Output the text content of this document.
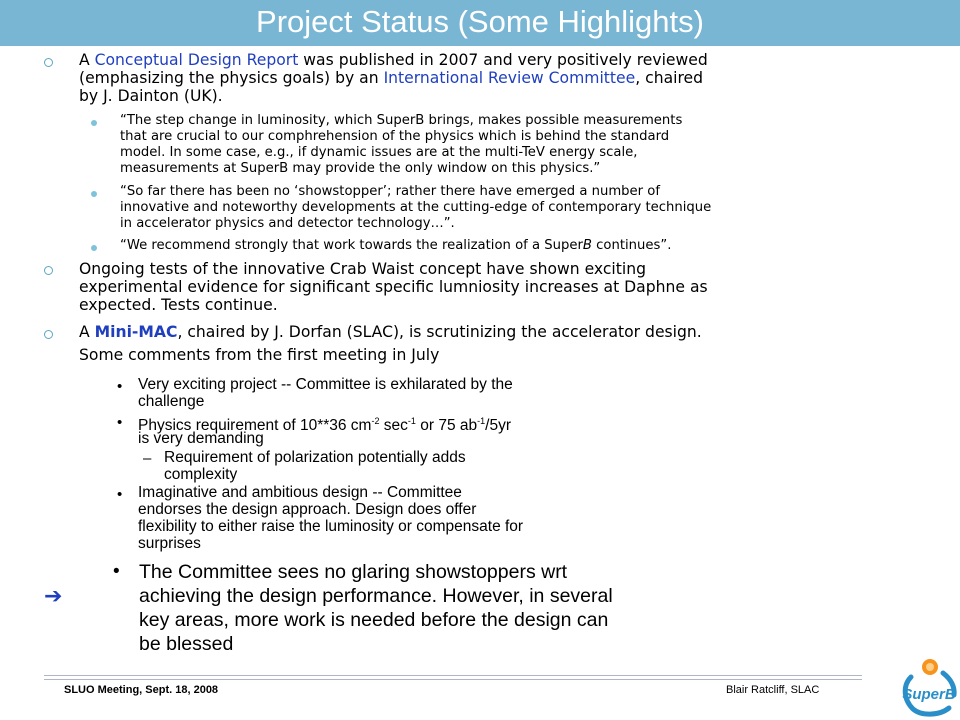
Project Status (Some Highlights)

A Conceptual Design Report was published in 2007 and very positively reviewed

(emphasizing the physics goals) by an International Review Committee, chaired

by J. Dainton (UK).

“The step change in luminosity, which SuperB brings, makes possible measurements

that are crucial to our comphrehension of the physics which is behind the standard

model. In some case, e.g., if dynamic issues are at the multi-TeV energy scale,

measurements at SuperB may provide the only window on this physics.”

“So far there has been no ‘showstopper’; rather there have emerged a number of

innovative and noteworthy developments at the cutting-edge of contemporary technique

in accelerator physics and detector technology…”.

“We recommend strongly that work towards the realization of a SuperB continues”.

Ongoing tests of the innovative Crab Waist concept have shown exciting

experimental evidence for significant specific lumniosity increases at Daphne as

expected. Tests continue.

A Mini-MAC, chaired by J. Dorfan (SLAC), is scrutinizing the accelerator design.

Some comments from the first meeting in July

• Very exciting project -- Committee is exhilarated by the

challenge

• Physics requirement of 10**36 $cm^{-2}$ $\sec^{-1}$ or 75 $ab^{-1}/5yr$

is very demanding

– Requirement of polarization potentially adds

complexity

• Imaginative and ambitious design -- Committee

endorses the design approach. Design does offer

flexibility to either raise the luminosity or compensate for

surprises

• The Committee sees no glaring showstoppers wrt

achieving the design performance. However, in several

key areas, more work is needed before the design can

be blessed

➔
SLUO Meeting, Sept. 18, 2008	Blair Ratcliff, SLAC	SuperB
